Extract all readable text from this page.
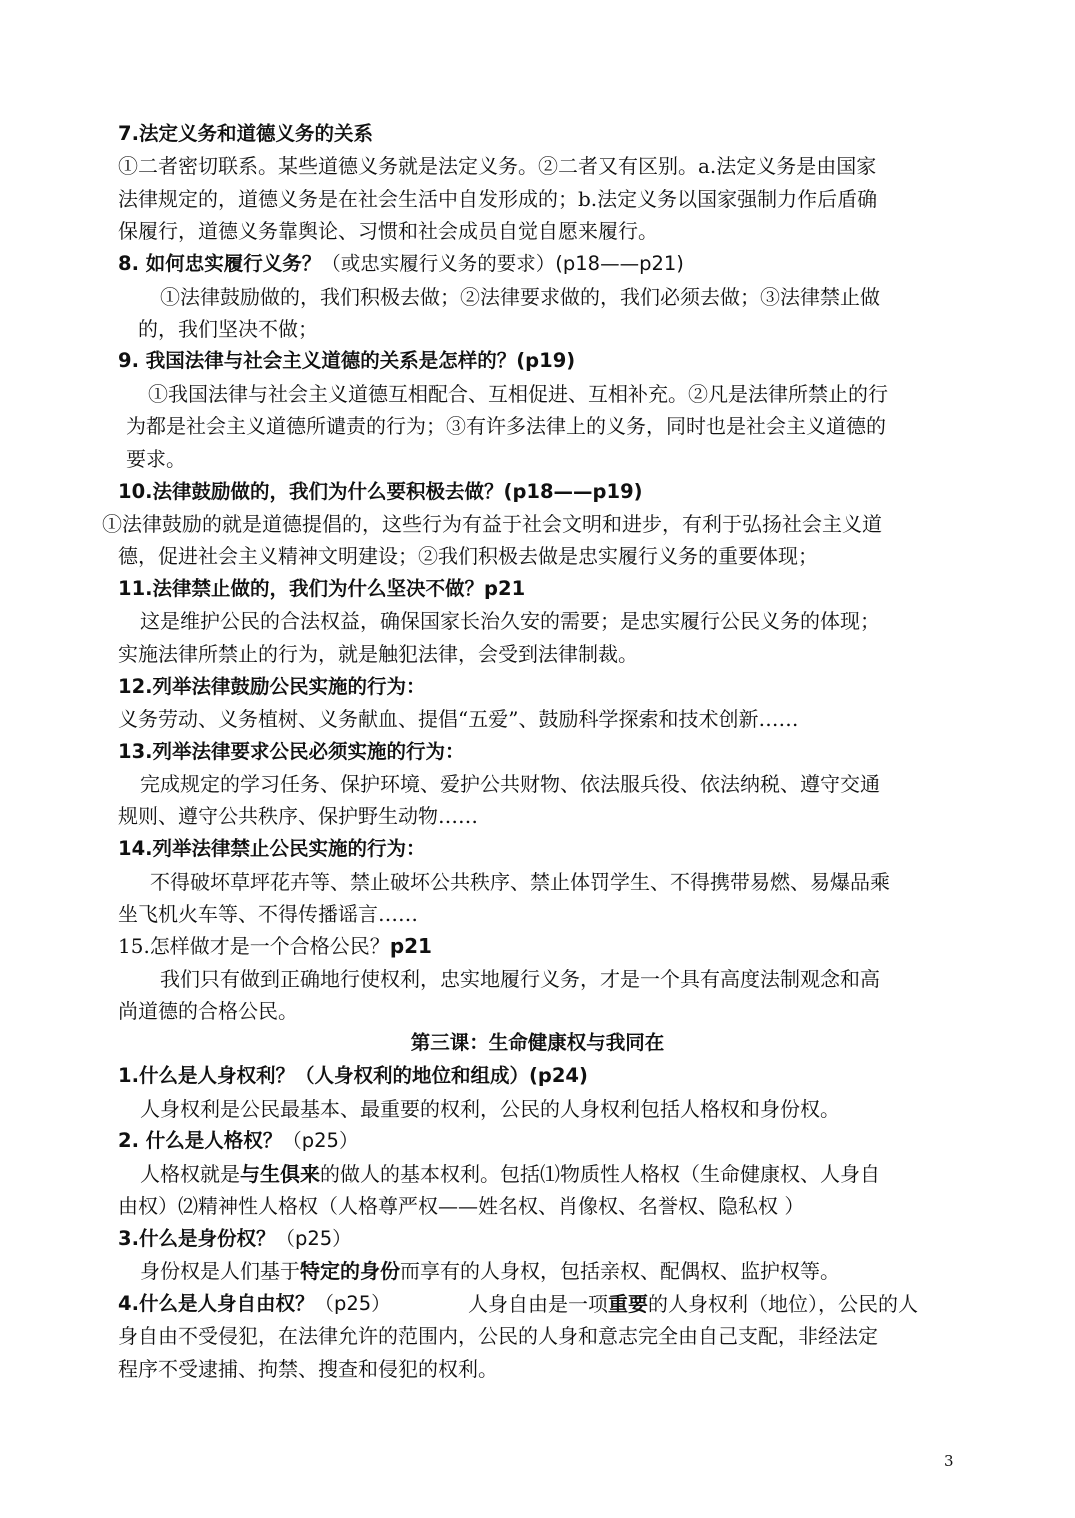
7.法定义务和道德义务的关系
①二者密切联系。某些道德义务就是法定义务。②二者又有区别。a.法定义务是由国家
法律规定的，道德义务是在社会生活中自发形成的；b.法定义务以国家强制力作后盾确
保履行，道德义务靠舆论、习惯和社会成员自觉自愿来履行。
8. 如何忠实履行义务？（或忠实履行义务的要求）(p18——p21)
①法律鼓励做的，我们积极去做；②法律要求做的，我们必须去做；③法律禁止做
的，我们坚决不做；
9. 我国法律与社会主义道德的关系是怎样的？(p19)
①我国法律与社会主义道德互相配合、互相促进、互相补充。②凡是法律所禁止的行
为都是社会主义道德所谴责的行为；③有许多法律上的义务，同时也是社会主义道德的
要求。
10.法律鼓励做的，我们为什么要积极去做？(p18——p19)
①法律鼓励的就是道德提倡的，这些行为有益于社会文明和进步，有利于弘扬社会主义道
德，促进社会主义精神文明建设；②我们积极去做是忠实履行义务的重要体现；
11.法律禁止做的，我们为什么坚决不做？p21
这是维护公民的合法权益，确保国家长治久安的需要；是忠实履行公民义务的体现；
实施法律所禁止的行为，就是触犯法律，会受到法律制裁。
12.列举法律鼓励公民实施的行为：
义务劳动、义务植树、义务献血、提倡“五爱”、鼓励科学探索和技术创新……
13.列举法律要求公民必须实施的行为：
完成规定的学习任务、保护环境、爱护公共财物、依法服兵役、依法纳税、遵守交通
规则、遵守公共秩序、保护野生动物……
14.列举法律禁止公民实施的行为：
不得破坏草坪花卉等、禁止破坏公共秩序、禁止体罚学生、不得携带易燃、易爆品乘
坐飞机火车等、不得传播谣言……
15.怎样做才是一个合格公民？p21
我们只有做到正确地行使权利，忠实地履行义务，才是一个具有高度法制观念和高
尚道德的合格公民。
第三课：生命健康权与我同在
1.什么是人身权利？（人身权利的地位和组成）(p24)
人身权利是公民最基本、最重要的权利，公民的人身权利包括人格权和身份权。
2. 什么是人格权？（p25）
人格权就是与生俱来的做人的基本权利。包括⑴物质性人格权（生命健康权、人身自
由权）⑵精神性人格权（人格尊严权——姓名权、肖像权、名誉权、隐私权 ）
3.什么是身份权？（p25）
身份权是人们基于特定的身份而享有的人身权，包括亲权、配偶权、监护权等。
4.什么是人身自由权？（p25）	人身自由是一项重要的人身权利（地位），公民的人
身自由不受侵犯，在法律允许的范围内，公民的人身和意志完全由自己支配，非经法定
程序不受逮捕、拘禁、搜查和侵犯的权利。
3
